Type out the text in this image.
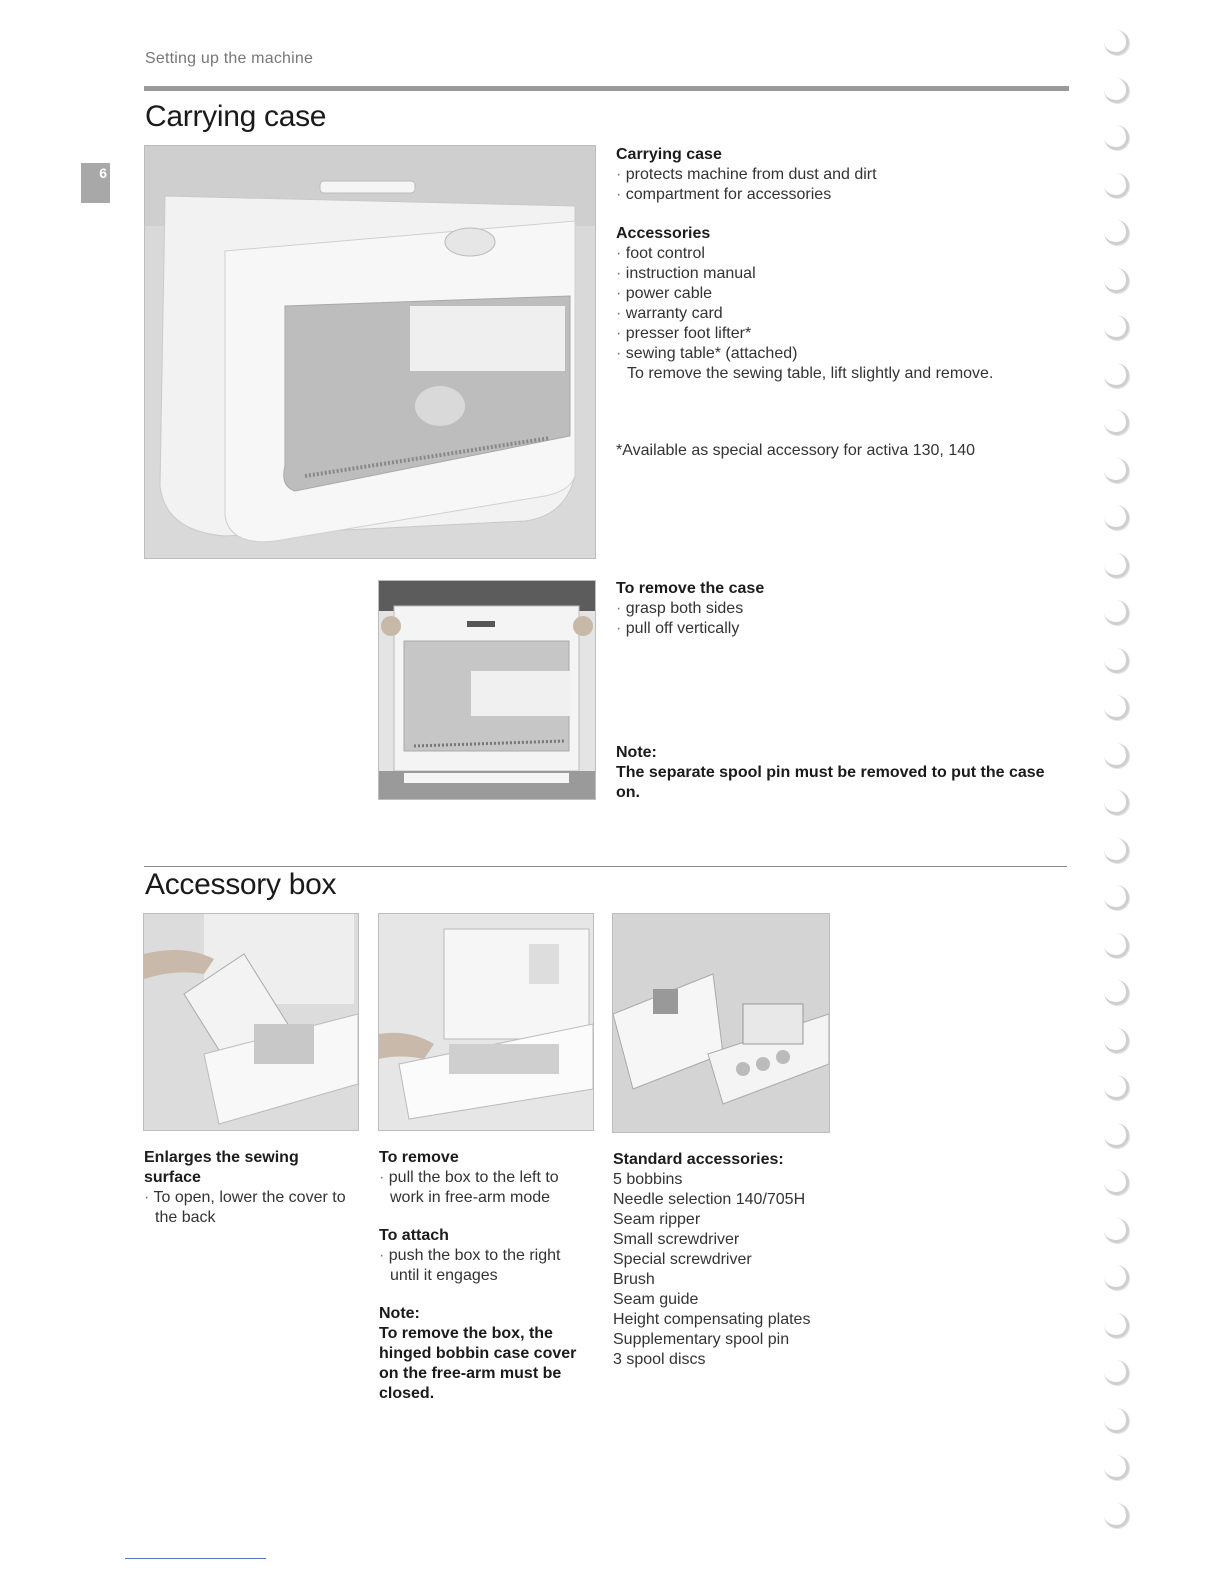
Setting up the machine
6
Carrying case
Carrying case
· protects machine from dust and dirt
· compartment for accessories
Accessories
· foot control
· instruction manual
· power cable
· warranty card
· presser foot lifter*
· sewing table* (attached)
To remove the sewing table, lift slightly and remove.
*Available as special accessory for activa 130, 140
To remove the case
· grasp both sides
· pull off vertically
Note:
The separate spool pin must be removed to put the case on.
Accessory box
Enlarges the sewing surface
· To open, lower the cover to the back
To remove
· pull the box to the left to work in free-arm mode
To attach
· push the box to the right until it engages
Note:
To remove the box, the hinged bobbin case cover on the free-arm must be closed.
Standard accessories:
5 bobbins
Needle selection 140/705H
Seam ripper
Small screwdriver
Special screwdriver
Brush
Seam guide
Height compensating plates
Supplementary spool pin
3 spool discs
